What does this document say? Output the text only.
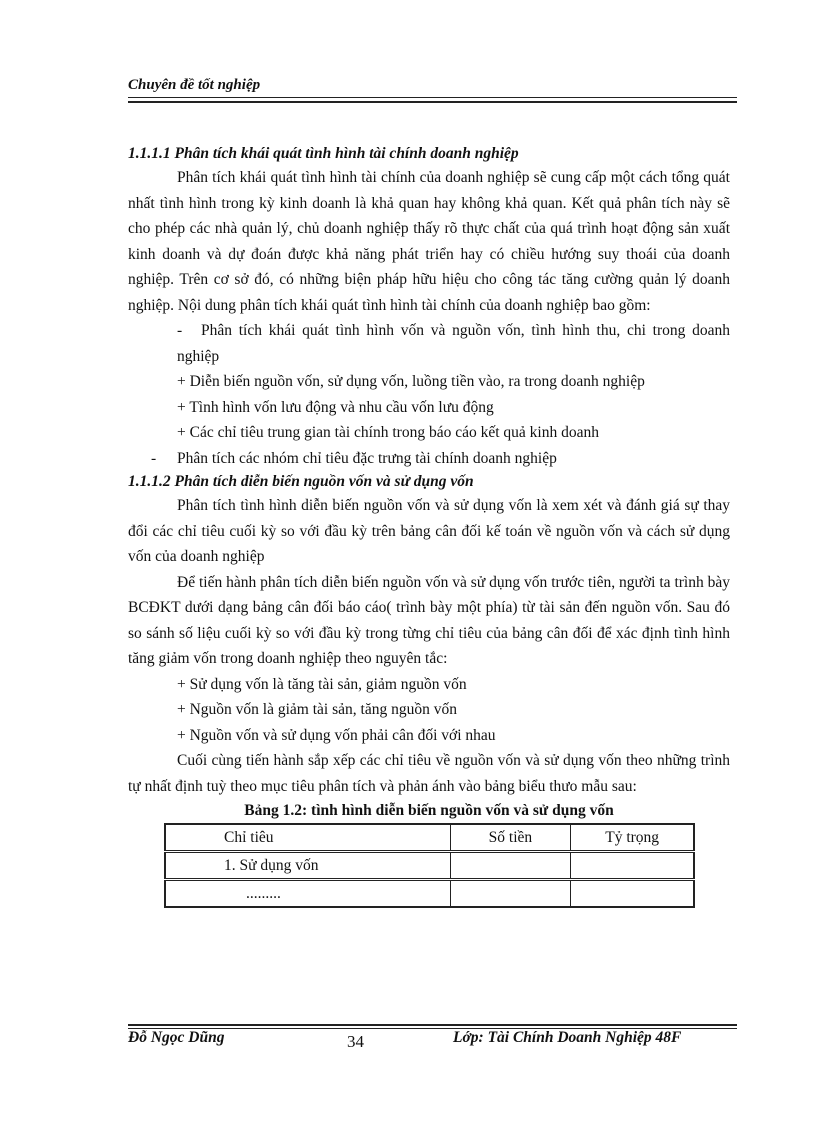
Chuyên đề tốt nghiệp
1.1.1.1 Phân tích khái quát tình hình tài chính doanh nghiệp
Phân tích khái quát tình hình tài chính của doanh nghiệp sẽ cung cấp một cách tổng quát nhất tình hình trong kỳ kinh doanh là khả quan hay không khả quan. Kết quả phân tích này sẽ cho phép các nhà quản lý, chủ doanh nghiệp thấy rõ thực chất của quá trình hoạt động sản xuất kinh doanh và dự đoán được khả năng phát triển hay có chiều hướng suy thoái của doanh nghiệp. Trên cơ sở đó, có những biện pháp hữu hiệu cho công tác tăng cường quản lý doanh nghiệp. Nội dung phân tích khái quát tình hình tài chính của doanh nghiệp bao gồm:
-	Phân tích khái quát tình hình vốn và nguồn vốn, tình hình thu, chi trong doanh nghiệp
+ Diễn biến nguồn vốn, sử dụng vốn, luồng tiền vào, ra trong doanh nghiệp
+ Tình hình vốn lưu động và nhu cầu vốn lưu động
+ Các chỉ tiêu trung gian tài chính trong báo cáo kết quả kinh doanh
-	Phân tích các nhóm chỉ tiêu đặc trưng tài chính doanh nghiệp
1.1.1.2 Phân tích diễn biến nguồn vốn và sử dụng vốn
Phân tích tình hình diễn biến nguồn vốn và sử dụng vốn là xem xét và đánh giá sự thay đổi các chỉ tiêu cuối kỳ so với đầu kỳ trên bảng cân đối kế toán về nguồn vốn và cách sử dụng vốn của doanh nghiệp
Để tiến hành phân tích diễn biến nguồn vốn và sử dụng vốn trước tiên, người ta trình bày BCĐKT dưới dạng bảng cân đối báo cáo( trình bày một phía) từ tài sản đến nguồn vốn. Sau đó so sánh số liệu cuối kỳ so với đầu kỳ trong từng chỉ tiêu của bảng cân đối để xác định tình hình tăng giảm vốn trong doanh nghiệp theo nguyên tắc:
+ Sử dụng vốn là tăng tài sản, giảm nguồn vốn
+ Nguồn vốn là giảm tài sản, tăng nguồn vốn
+ Nguồn vốn và sử dụng vốn phải cân đối với nhau
Cuối cùng tiến hành sắp xếp các chỉ tiêu về nguồn vốn và sử dụng vốn theo những trình tự nhất định tuỳ theo mục tiêu phân tích và phản ánh vào bảng biểu thưo mẫu sau:
Bảng 1.2: tình hình diễn biến nguồn vốn và sử dụng vốn
Chỉ tiêu	Số tiền	Tỷ trọng
1. Sử dụng vốn		
.........		
Đỗ Ngọc Dũng	34	Lớp: Tài Chính Doanh Nghiệp 48F
